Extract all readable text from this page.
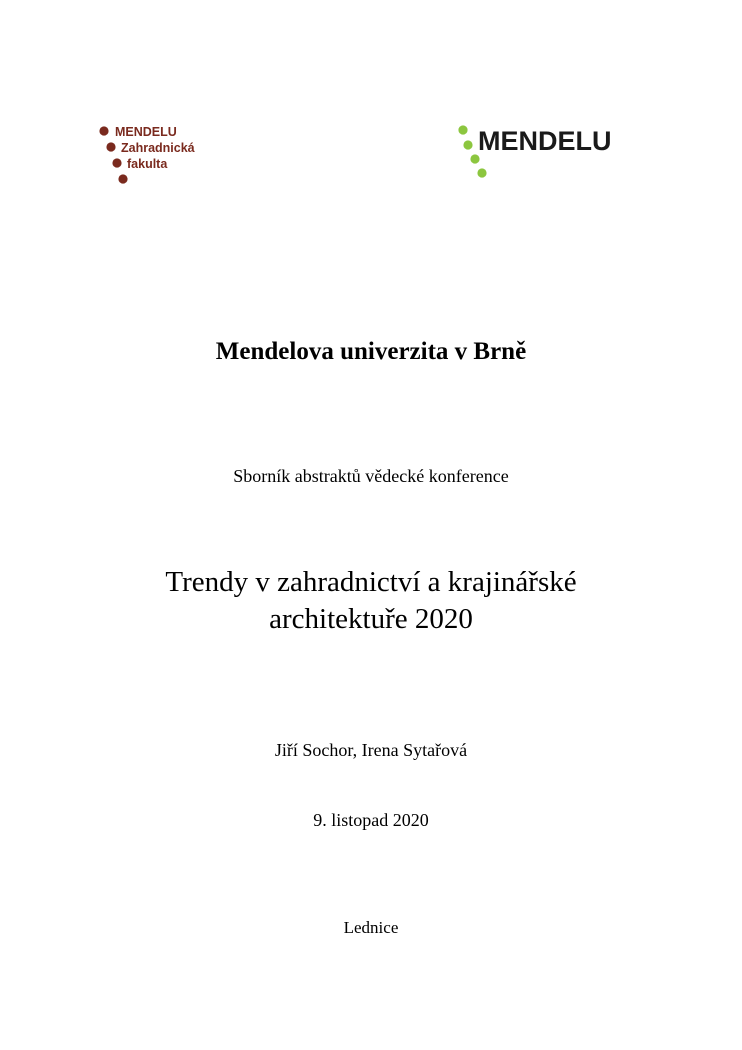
MENDELU
Zahradnická
fakulta
MENDELU
Mendelova univerzita v Brně
Sborník abstraktů vědecké konference
Trendy v zahradnictví a krajinářské
architektuře 2020
Jiří Sochor, Irena Sytařová
9. listopad 2020
Lednice
